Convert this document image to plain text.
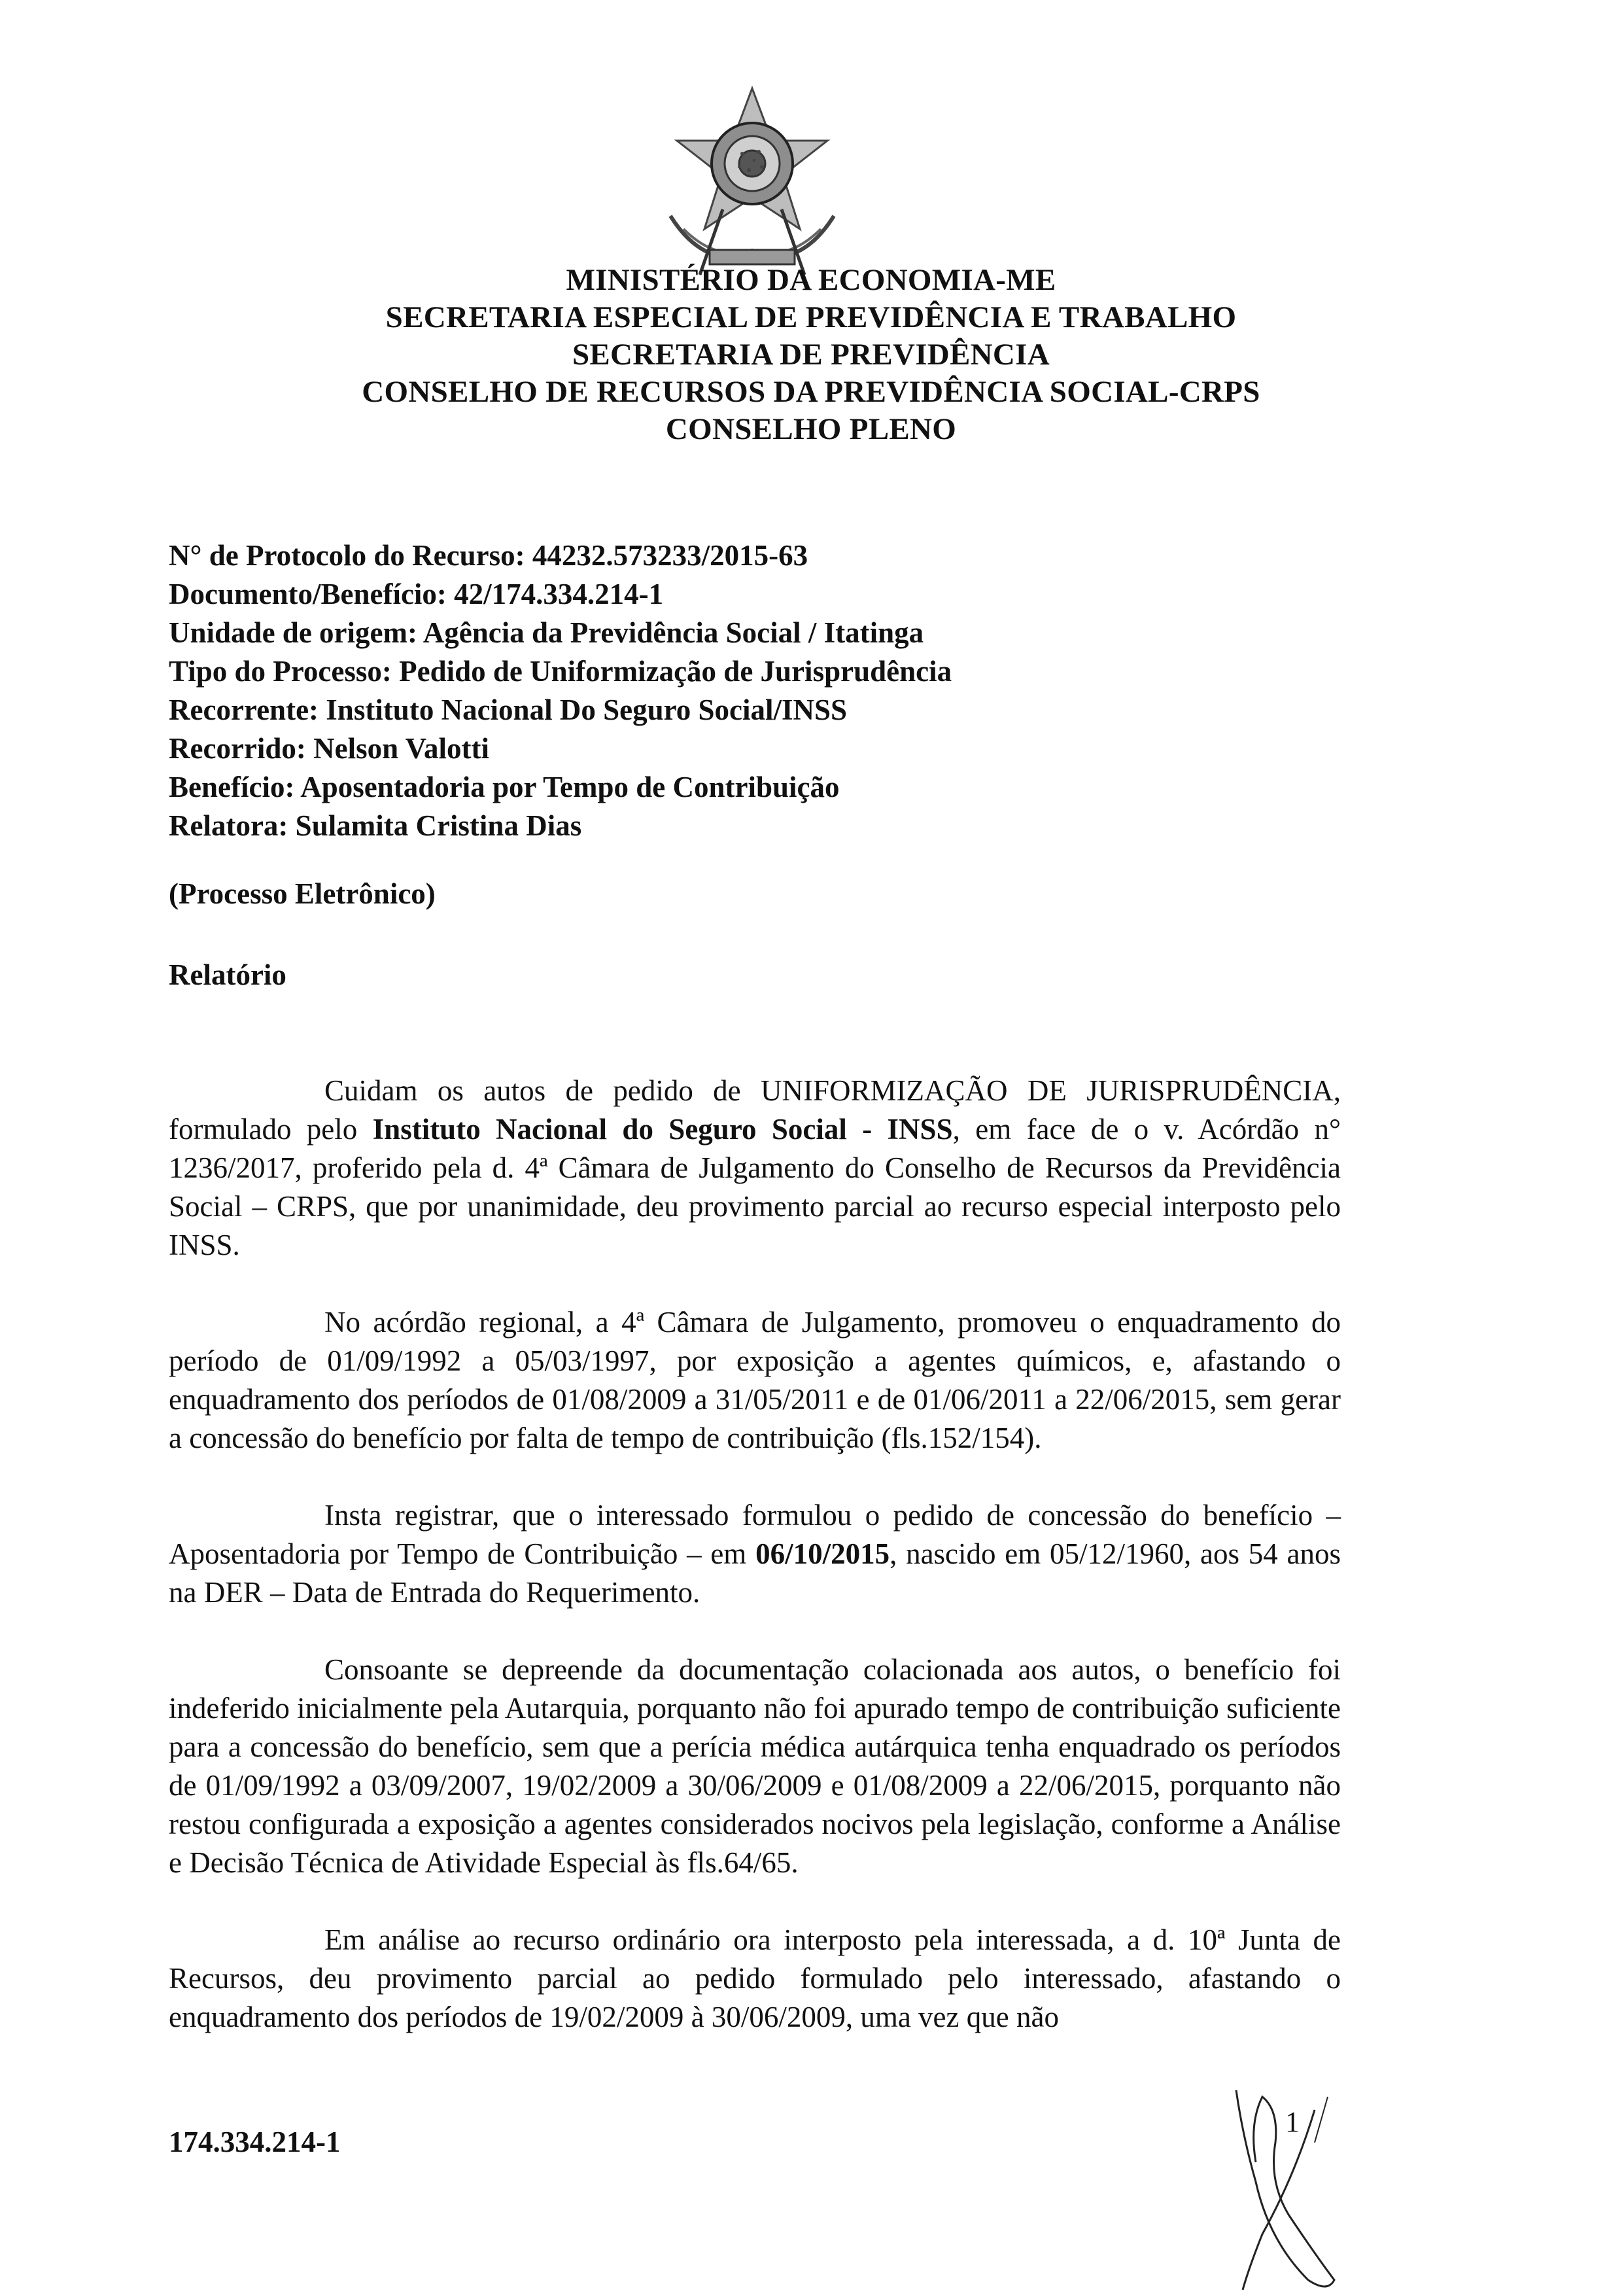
MINISTÉRIO DA ECONOMIA-ME
SECRETARIA ESPECIAL DE PREVIDÊNCIA E TRABALHO
SECRETARIA DE PREVIDÊNCIA
CONSELHO DE RECURSOS DA PREVIDÊNCIA SOCIAL-CRPS
CONSELHO PLENO
N° de Protocolo do Recurso: 44232.573233/2015-63
Documento/Benefício: 42/174.334.214-1
Unidade de origem: Agência da Previdência Social / Itatinga
Tipo do Processo: Pedido de Uniformização de Jurisprudência
Recorrente: Instituto Nacional Do Seguro Social/INSS
Recorrido: Nelson Valotti
Benefício: Aposentadoria por Tempo de Contribuição
Relatora: Sulamita Cristina Dias
(Processo Eletrônico)
Relatório

Cuidam os autos de pedido de UNIFORMIZAÇÃO DE JURISPRUDÊNCIA, formulado pelo Instituto Nacional do Seguro Social - INSS, em face de o v. Acórdão n° 1236/2017, proferido pela d. 4ª Câmara de Julgamento do Conselho de Recursos da Previdência Social – CRPS, que por unanimidade, deu provimento parcial ao recurso especial interposto pelo INSS.

No acórdão regional, a 4ª Câmara de Julgamento, promoveu o enquadramento do período de 01/09/1992 a 05/03/1997, por exposição a agentes químicos, e, afastando o enquadramento dos períodos de 01/08/2009 a 31/05/2011 e de 01/06/2011 a 22/06/2015, sem gerar a concessão do benefício por falta de tempo de contribuição (fls.152/154).

Insta registrar, que o interessado formulou o pedido de concessão do benefício – Aposentadoria por Tempo de Contribuição – em 06/10/2015, nascido em 05/12/1960, aos 54 anos na DER – Data de Entrada do Requerimento.

Consoante se depreende da documentação colacionada aos autos, o benefício foi indeferido inicialmente pela Autarquia, porquanto não foi apurado tempo de contribuição suficiente para a concessão do benefício, sem que a perícia médica autárquica tenha enquadrado os períodos de 01/09/1992 a 03/09/2007, 19/02/2009 a 30/06/2009 e 01/08/2009 a 22/06/2015, porquanto não restou configurada a exposição a agentes considerados nocivos pela legislação, conforme a Análise e Decisão Técnica de Atividade Especial às fls.64/65.

Em análise ao recurso ordinário ora interposto pela interessada, a d. 10ª Junta de Recursos, deu provimento parcial ao pedido formulado pelo interessado, afastando o enquadramento dos períodos de 19/02/2009 à 30/06/2009, uma vez que não

174.334.214-1
1
